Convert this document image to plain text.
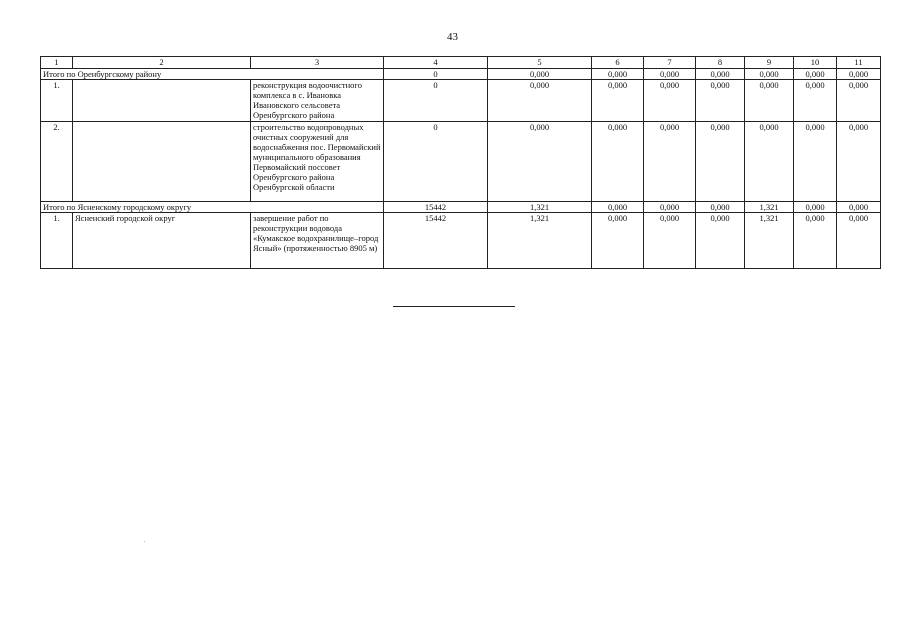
43
1	2	3	4	5	6	7	8	9	10	11
Итого по Оренбургскому району			0	0,000	0,000	0,000	0,000	0,000	0,000	0,000
1.		реконструкция водоочистного комплекса в с. Ивановка Ивановского сельсовета Оренбургского района	0	0,000	0,000	0,000	0,000	0,000	0,000	0,000
2.		строительство водопроводных очистных сооружений для водоснабжения пос. Первомайский муниципального образования Первомайский поссовет Оренбургского района Оренбургской области	0	0,000	0,000	0,000	0,000	0,000	0,000	0,000
Итого по Ясненскому городскому округу			15442	1,321	0,000	0,000	0,000	1,321	0,000	0,000
1.	Ясненский городской округ	завершение работ по реконструкции водовода «Кумакское водохранилище–город Ясный» (протяженностью 8905 м)	15442	1,321	0,000	0,000	0,000	1,321	0,000	0,000
